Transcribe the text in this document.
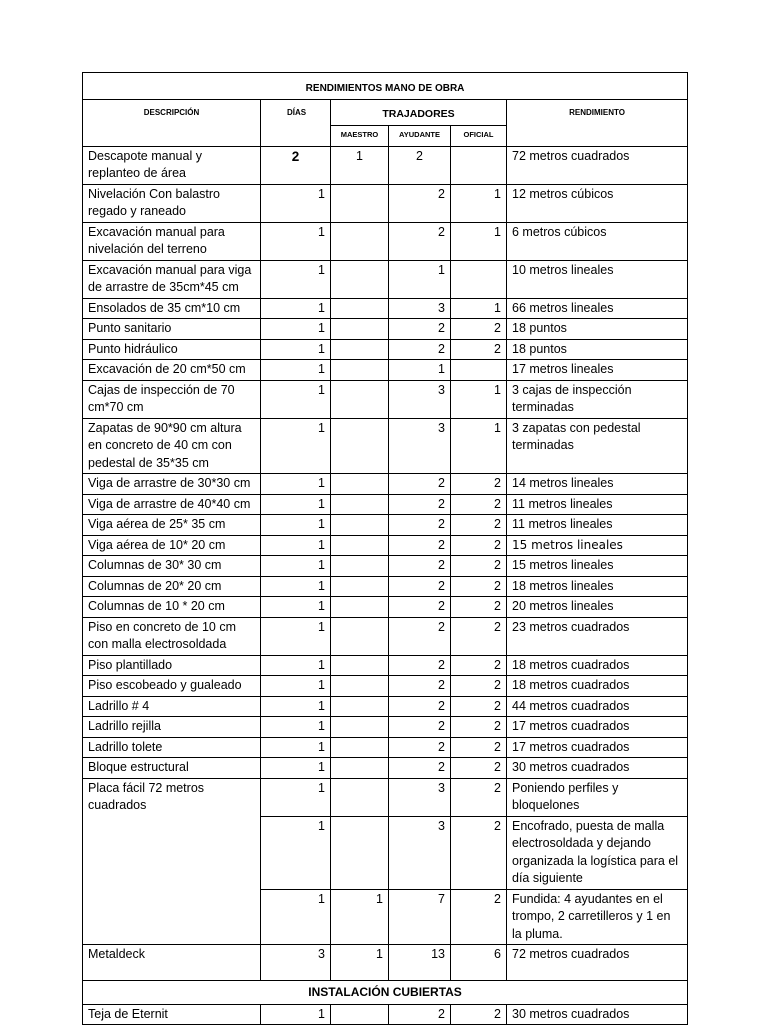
RENDIMIENTOS MANO DE OBRA					
DESCRIPCIÓN	DÍAS	TRAJADORES			RENDIMIENTO
		MAESTRO	AYUDANTE	OFICIAL	
Descapote manual y replanteo de área	2	1	2		72 metros cuadrados
Nivelación Con balastro regado y raneado	1		2	1	12 metros cúbicos
Excavación manual para nivelación del terreno	1		2	1	6 metros cúbicos
Excavación manual para viga de arrastre de 35cm*45 cm	1		1		10 metros lineales
Ensolados de 35 cm*10 cm	1		3	1	66 metros lineales
Punto sanitario	1		2	2	18 puntos
Punto hidráulico	1		2	2	18 puntos
Excavación de 20 cm*50 cm	1		1		17 metros lineales
Cajas de inspección de 70 cm*70 cm	1		3	1	3 cajas de inspección terminadas
Zapatas de 90*90 cm altura en concreto de 40 cm con pedestal de 35*35 cm	1		3	1	3 zapatas con pedestal terminadas
Viga de arrastre de 30*30 cm	1		2	2	14 metros lineales
Viga de arrastre de 40*40 cm	1		2	2	11 metros lineales
Viga aérea de 25* 35 cm	1		2	2	11 metros lineales
Viga aérea de 10* 20 cm	1		2	2	15 metros lineales
Columnas de 30* 30 cm	1		2	2	15 metros lineales
Columnas de 20* 20 cm	1		2	2	18 metros lineales
Columnas de 10 * 20 cm	1		2	2	20 metros lineales
Piso en concreto de 10 cm con malla electrosoldada	1		2	2	23 metros cuadrados
Piso plantillado	1		2	2	18 metros cuadrados
Piso escobeado y gualeado	1		2	2	18 metros cuadrados
Ladrillo # 4	1		2	2	44 metros cuadrados
Ladrillo rejilla	1		2	2	17 metros cuadrados
Ladrillo tolete	1		2	2	17 metros cuadrados
Bloque estructural	1		2	2	30 metros cuadrados
Placa fácil 72 metros cuadrados	1		3	2	Poniendo perfiles y bloquelones
	1		3	2	Encofrado, puesta de malla electrosoldada y dejando organizada la logística para el día siguiente
	1	1	7	2	Fundida: 4 ayudantes en el trompo, 2 carretilleros y 1 en la pluma.
Metaldeck	3	1	13	6	72 metros cuadrados
INSTALACIÓN CUBIERTAS					
Teja de Eternit	1		2	2	30 metros cuadrados
